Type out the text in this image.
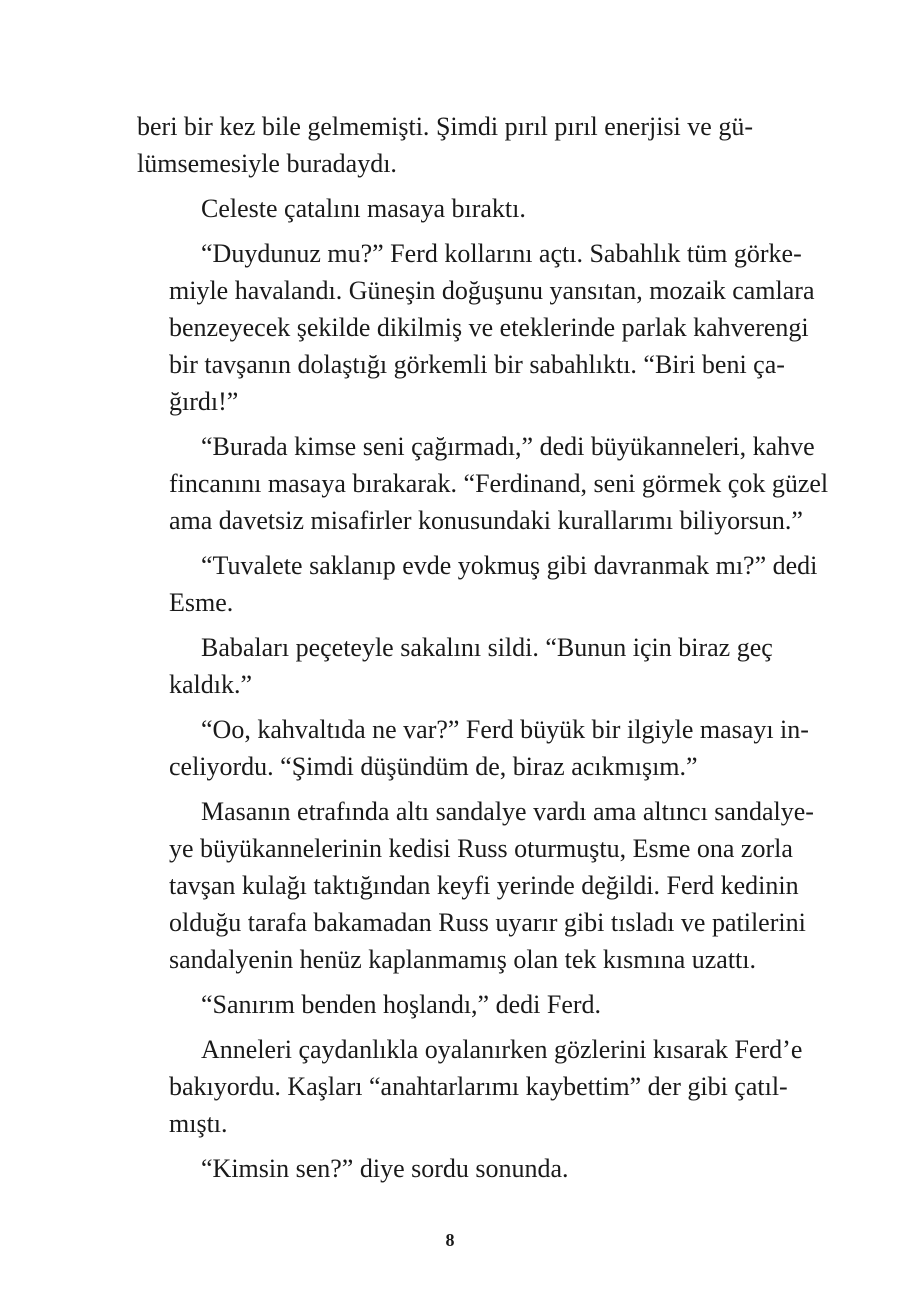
beri bir kez bile gelmemişti. Şimdi pırıl pırıl enerjisi ve gü-
lümsemesiyle buradaydı.
Celeste çatalını masaya bıraktı.
“Duydunuz mu?” Ferd kollarını açtı. Sabahlık tüm görke-
miyle havalandı. Güneşin doğuşunu yansıtan, mozaik camlara
benzeyecek şekilde dikilmiş ve eteklerinde parlak kahverengi
bir tavşanın dolaştığı görkemli bir sabahlıktı. “Biri beni ça-
ğırdı!”
“Burada kimse seni çağırmadı,” dedi büyükanneleri, kahve
fincanını masaya bırakarak. “Ferdinand, seni görmek çok güzel
ama davetsiz misafirler konusundaki kurallarımı biliyorsun.”
“Tuvalete saklanıp evde yokmuş gibi davranmak mı?” dedi
Esme.
Babaları peçeteyle sakalını sildi. “Bunun için biraz geç
kaldık.”
“Oo, kahvaltıda ne var?” Ferd büyük bir ilgiyle masayı in-
celiyordu. “Şimdi düşündüm de, biraz acıkmışım.”
Masanın etrafında altı sandalye vardı ama altıncı sandalye-
ye büyükannelerinin kedisi Russ oturmuştu, Esme ona zorla
tavşan kulağı taktığından keyfi yerinde değildi. Ferd kedinin
olduğu tarafa bakamadan Russ uyarır gibi tısladı ve patilerini
sandalyenin henüz kaplanmamış olan tek kısmına uzattı.
“Sanırım benden hoşlandı,” dedi Ferd.
Anneleri çaydanlıkla oyalanırken gözlerini kısarak Ferd’e
bakıyordu. Kaşları “anahtarlarımı kaybettim” der gibi çatıl-
mıştı.
“Kimsin sen?” diye sordu sonunda.
8
